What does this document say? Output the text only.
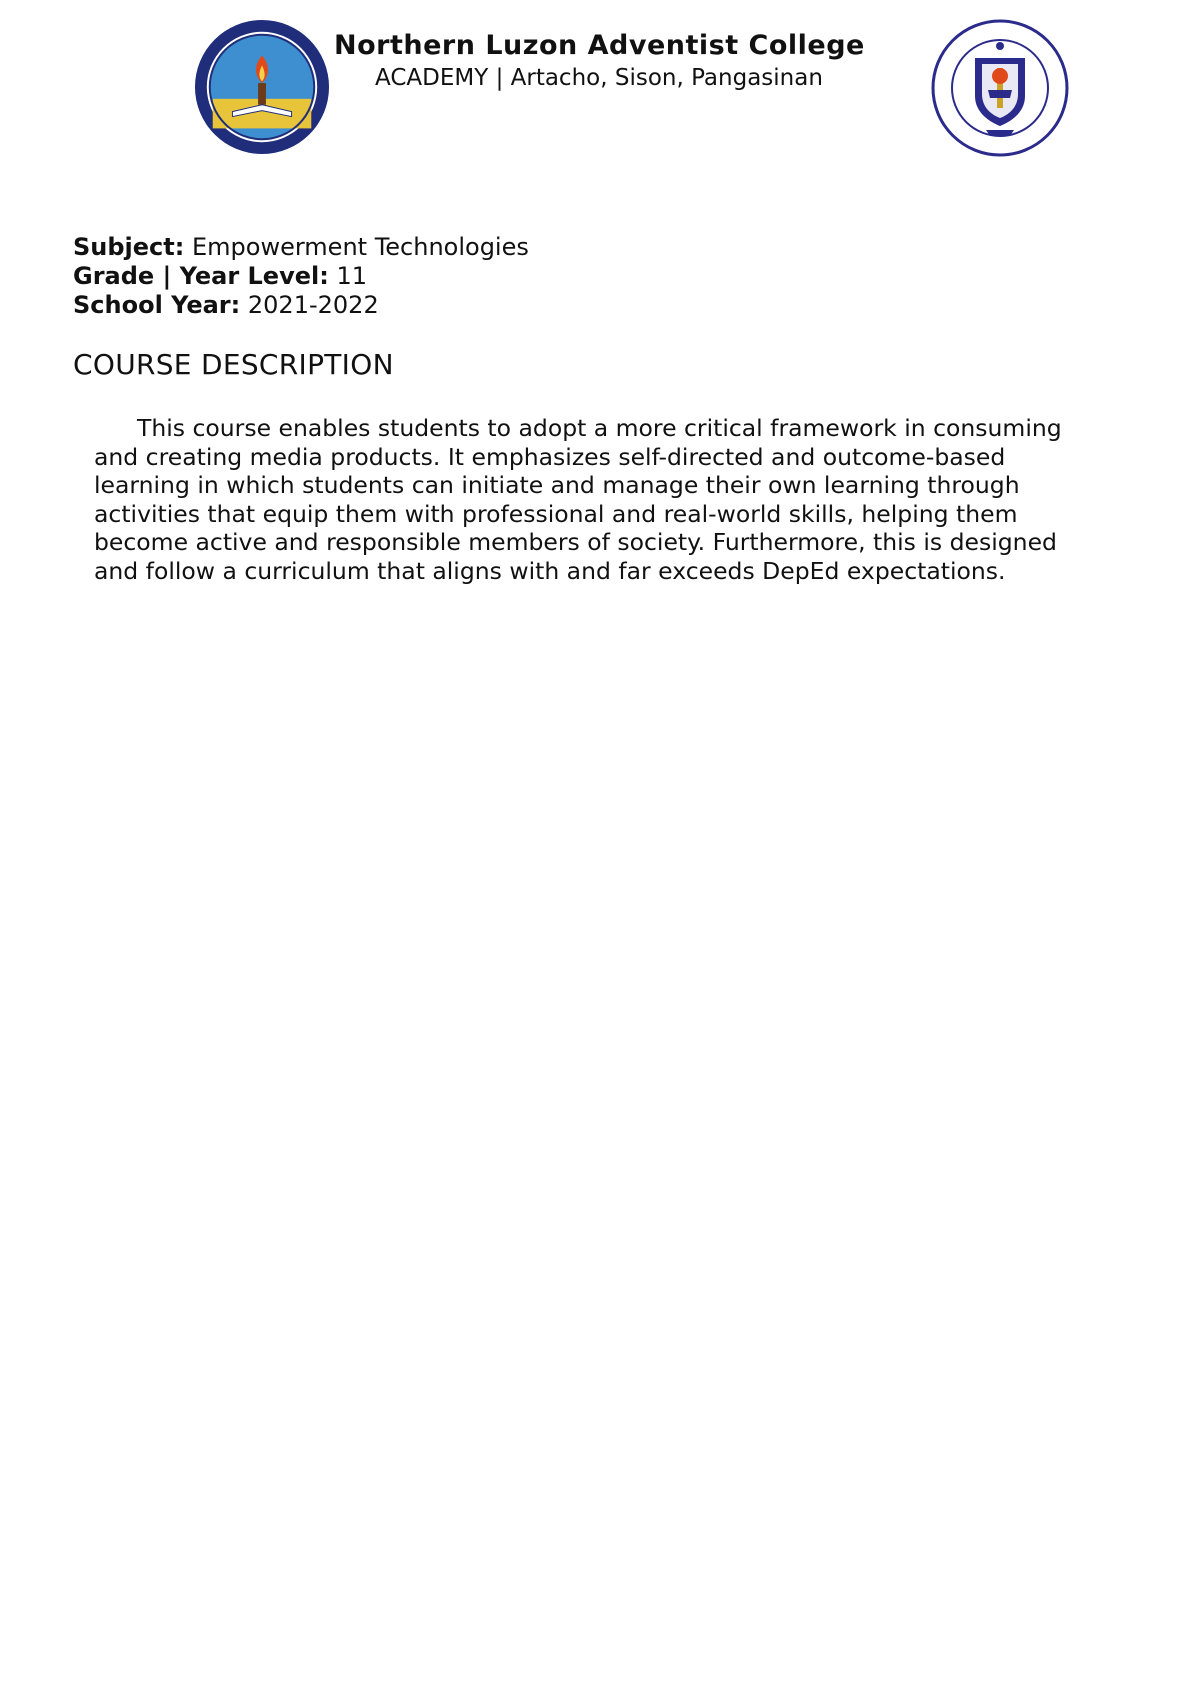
Northern Luzon Adventist College
ACADEMY | Artacho, Sison, Pangasinan
Subject: Empowerment Technologies
Grade | Year Level: 11
School Year: 2021-2022
COURSE DESCRIPTION

This course enables students to adopt a more critical framework in consuming
and creating media products. It emphasizes self-directed and outcome-based
learning in which students can initiate and manage their own learning through
activities that equip them with professional and real-world skills, helping them
become active and responsible members of society. Furthermore, this is designed
and follow a curriculum that aligns with and far exceeds DepEd expectations.
